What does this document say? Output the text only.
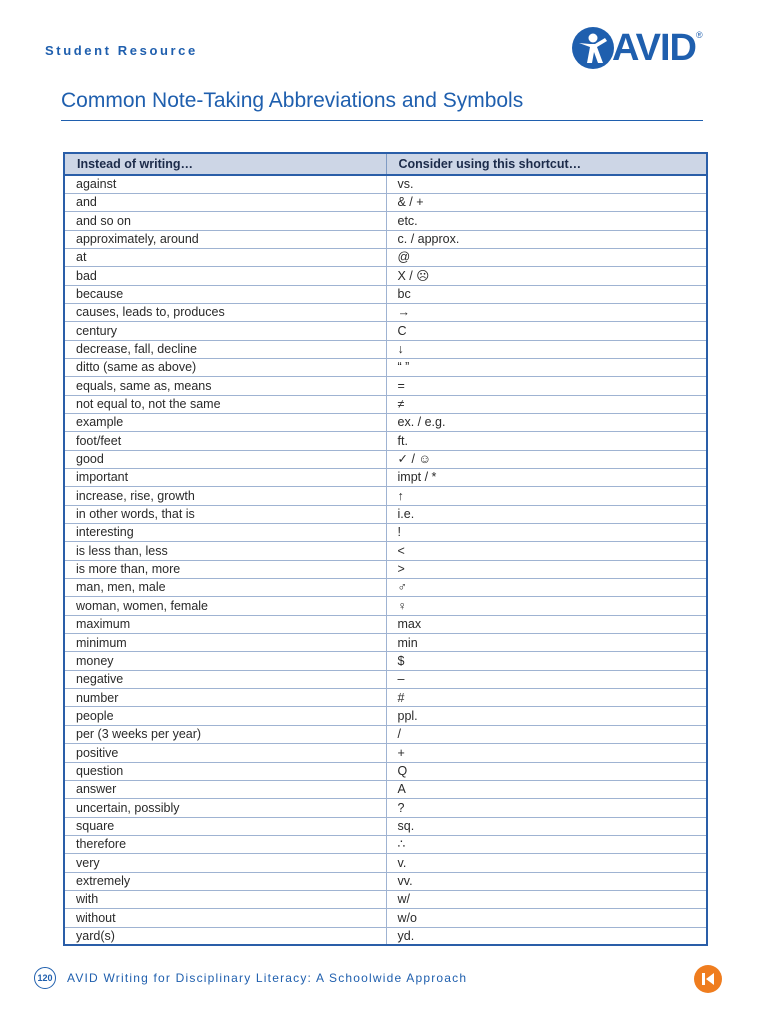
Student Resource	AVID ®
Common Note-Taking Abbreviations and Symbols
Instead of writing…	Consider using this shortcut…
against	vs.
and	& / +
and so on	etc.
approximately, around	c. / approx.
at	@
bad	X / ☹
because	bc
causes, leads to, produces	→
century	C
decrease, fall, decline	↓
ditto (same as above)	“ ”
equals, same as, means	=
not equal to, not the same	≠
example	ex. / e.g.
foot/feet	ft.
good	✓ / ☺
important	impt / *
increase, rise, growth	↑
in other words, that is	i.e.
interesting	!
is less than, less	<
is more than, more	>
man, men, male	♂
woman, women, female	♀
maximum	max
minimum	min
money	$
negative	–
number	#
people	ppl.
per (3 weeks per year)	/
positive	+
question	Q
answer	A
uncertain, possibly	?
square	sq.
therefore	∴
very	v.
extremely	vv.
with	w/
without	w/o
yard(s)	yd.
120 AVID Writing for Disciplinary Literacy: A Schoolwide Approach
